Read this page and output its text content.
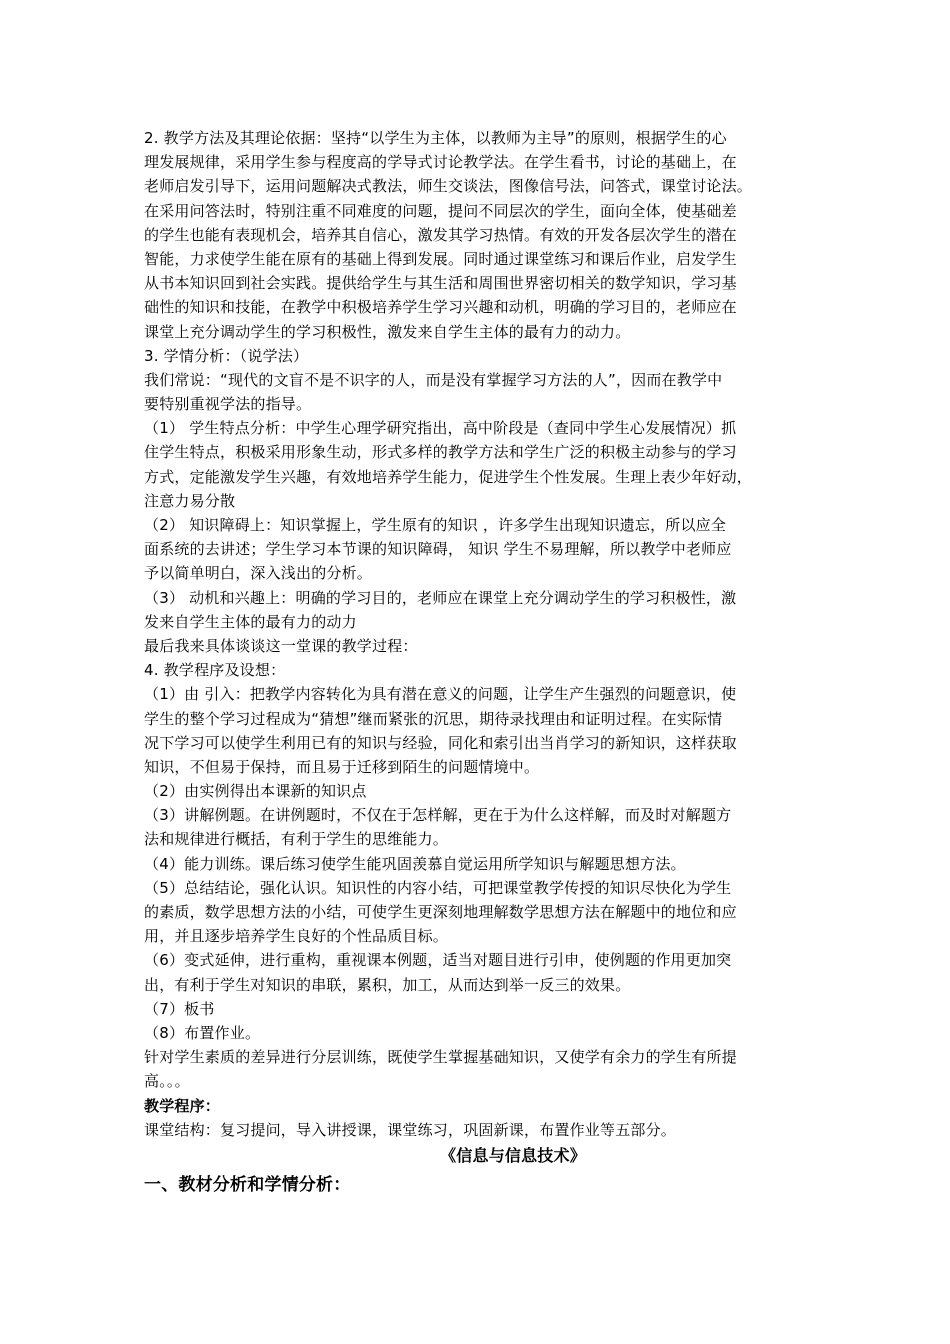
2. 教学方法及其理论依据：坚持“以学生为主体，以教师为主导”的原则，根据学生的心
理发展规律，采用学生参与程度高的学导式讨论教学法。在学生看书，讨论的基础上，在
老师启发引导下，运用问题解决式教法，师生交谈法，图像信号法，问答式，课堂讨论法。
在采用问答法时，特别注重不同难度的问题，提问不同层次的学生，面向全体，使基础差
的学生也能有表现机会，培养其自信心，激发其学习热情。有效的开发各层次学生的潜在
智能，力求使学生能在原有的基础上得到发展。同时通过课堂练习和课后作业，启发学生
从书本知识回到社会实践。提供给学生与其生活和周围世界密切相关的数学知识，学习基
础性的知识和技能，在教学中积极培养学生学习兴趣和动机，明确的学习目的，老师应在
课堂上充分调动学生的学习积极性，激发来自学生主体的最有力的动力。
3. 学情分析：（说学法）
我们常说：“现代的文盲不是不识字的人，而是没有掌握学习方法的人”，因而在教学中
要特别重视学法的指导。
（1） 学生特点分析：中学生心理学研究指出，高中阶段是（查同中学生心发展情况）抓
住学生特点，积极采用形象生动，形式多样的教学方法和学生广泛的积极主动参与的学习
方式，定能激发学生兴趣，有效地培养学生能力，促进学生个性发展。生理上表少年好动，
注意力易分散
（2） 知识障碍上：知识掌握上，学生原有的知识 ，许多学生出现知识遗忘，所以应全
面系统的去讲述；学生学习本节课的知识障碍， 知识 学生不易理解，所以教学中老师应
予以简单明白，深入浅出的分析。
（3） 动机和兴趣上：明确的学习目的，老师应在课堂上充分调动学生的学习积极性，激
发来自学生主体的最有力的动力
最后我来具体谈谈这一堂课的教学过程：
4. 教学程序及设想：
（1）由 引入：把教学内容转化为具有潜在意义的问题，让学生产生强烈的问题意识，使
学生的整个学习过程成为“猜想”继而紧张的沉思，期待录找理由和证明过程。在实际情
况下学习可以使学生利用已有的知识与经验，同化和索引出当肖学习的新知识，这样获取
知识，不但易于保持，而且易于迁移到陌生的问题情境中。
（2）由实例得出本课新的知识点
（3）讲解例题。在讲例题时，不仅在于怎样解，更在于为什么这样解，而及时对解题方
法和规律进行概括，有利于学生的思维能力。
（4）能力训练。课后练习使学生能巩固羡慕自觉运用所学知识与解题思想方法。
（5）总结结论，强化认识。知识性的内容小结，可把课堂教学传授的知识尽快化为学生
的素质，数学思想方法的小结，可使学生更深刻地理解数学思想方法在解题中的地位和应
用，并且逐步培养学生良好的个性品质目标。
（6）变式延伸，进行重构，重视课本例题，适当对题目进行引申，使例题的作用更加突
出，有利于学生对知识的串联，累积，加工，从而达到举一反三的效果。
（7）板书
（8）布置作业。
针对学生素质的差异进行分层训练，既使学生掌握基础知识，又使学有余力的学生有所提
高。。。
教学程序：
课堂结构：复习提问，导入讲授课，课堂练习，巩固新课，布置作业等五部分。
《信息与信息技术》
一、教材分析和学情分析：
